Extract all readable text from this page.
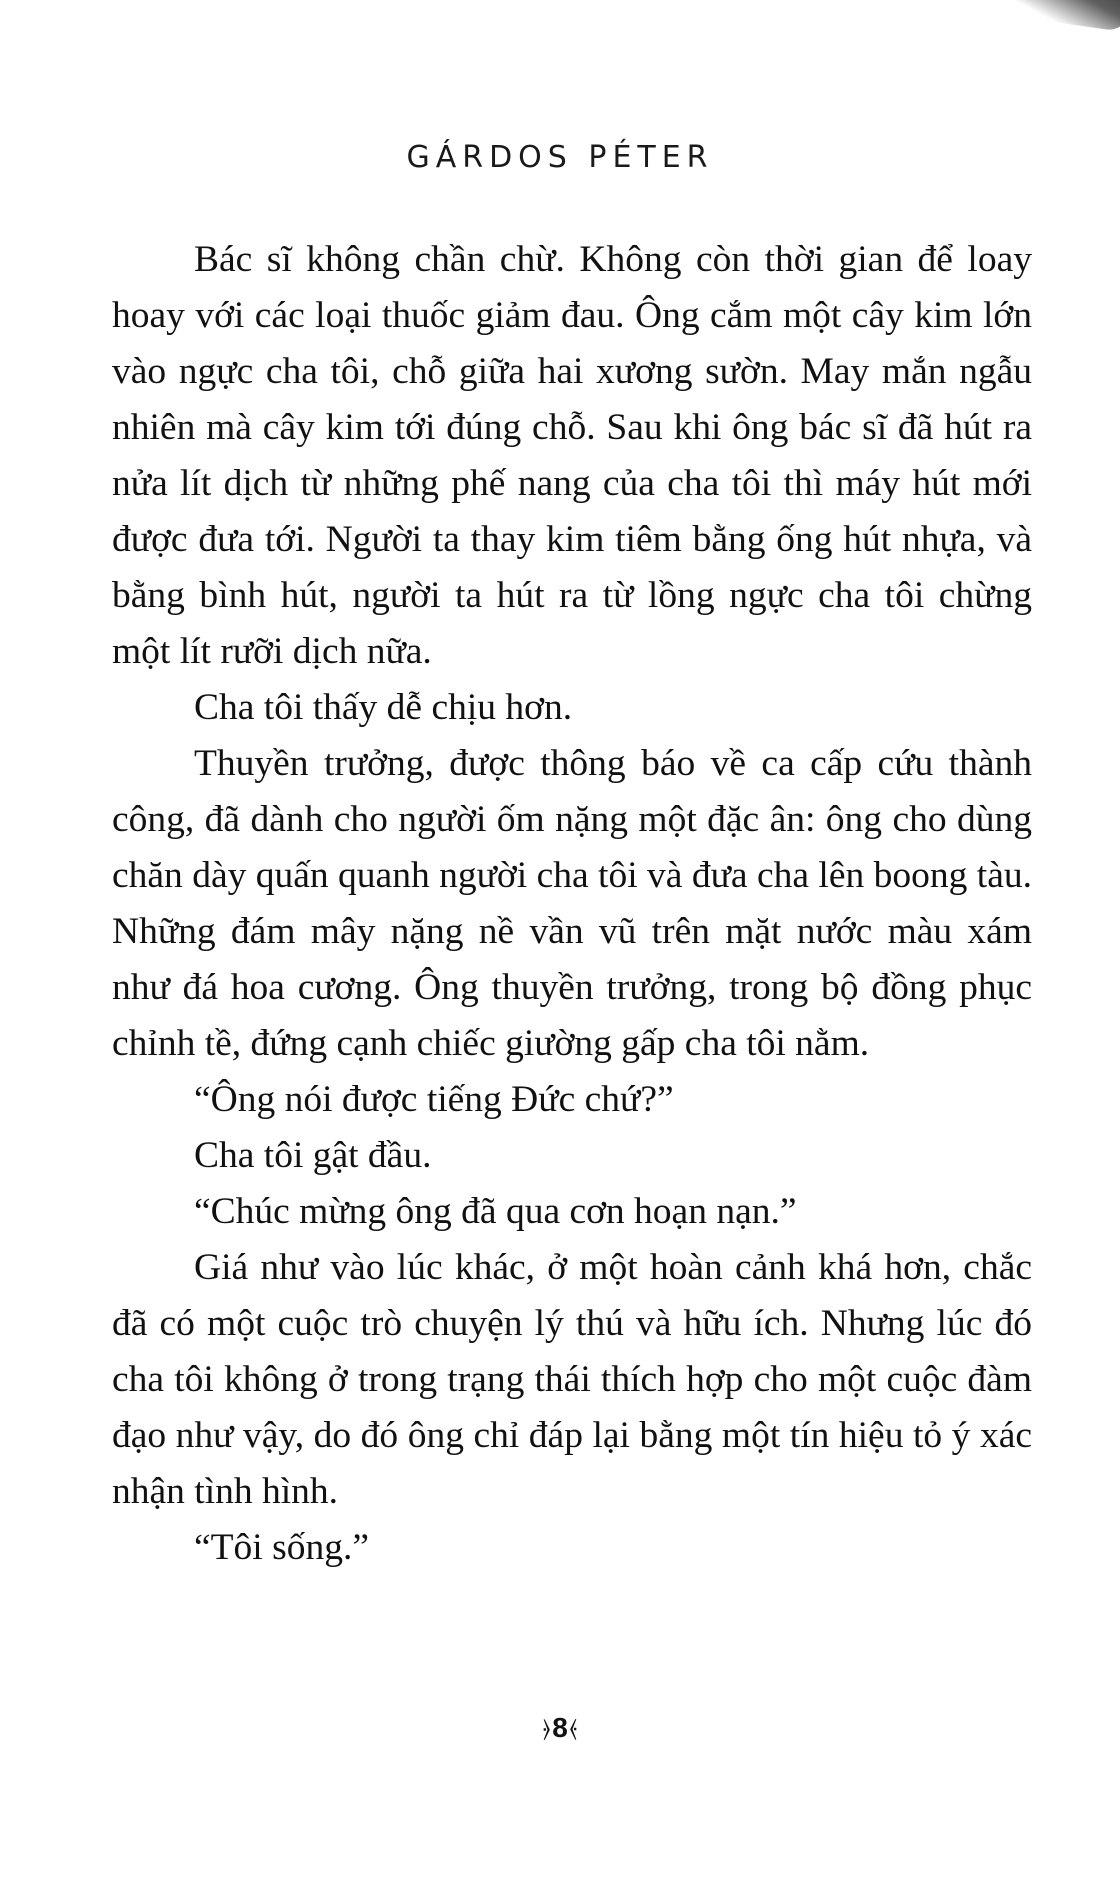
GÁRDOS PÉTER

Bác sĩ không chần chừ. Không còn thời gian để loay hoay với các loại thuốc giảm đau. Ông cắm một cây kim lớn vào ngực cha tôi, chỗ giữa hai xương sườn. May mắn ngẫu nhiên mà cây kim tới đúng chỗ. Sau khi ông bác sĩ đã hút ra nửa lít dịch từ những phế nang của cha tôi thì máy hút mới được đưa tới. Người ta thay kim tiêm bằng ống hút nhựa, và bằng bình hút, người ta hút ra từ lồng ngực cha tôi chừng một lít rưỡi dịch nữa.

Cha tôi thấy dễ chịu hơn.

Thuyền trưởng, được thông báo về ca cấp cứu thành công, đã dành cho người ốm nặng một đặc ân: ông cho dùng chăn dày quấn quanh người cha tôi và đưa cha lên boong tàu. Những đám mây nặng nề vần vũ trên mặt nước màu xám như đá hoa cương. Ông thuyền trưởng, trong bộ đồng phục chỉnh tề, đứng cạnh chiếc giường gấp cha tôi nằm.

“Ông nói được tiếng Đức chứ?”

Cha tôi gật đầu.

“Chúc mừng ông đã qua cơn hoạn nạn.”

Giá như vào lúc khác, ở một hoàn cảnh khá hơn, chắc đã có một cuộc trò chuyện lý thú và hữu ích. Nhưng lúc đó cha tôi không ở trong trạng thái thích hợp cho một cuộc đàm đạo như vậy, do đó ông chỉ đáp lại bằng một tín hiệu tỏ ý xác nhận tình hình.

“Tôi sống.”

⦒8⦑
